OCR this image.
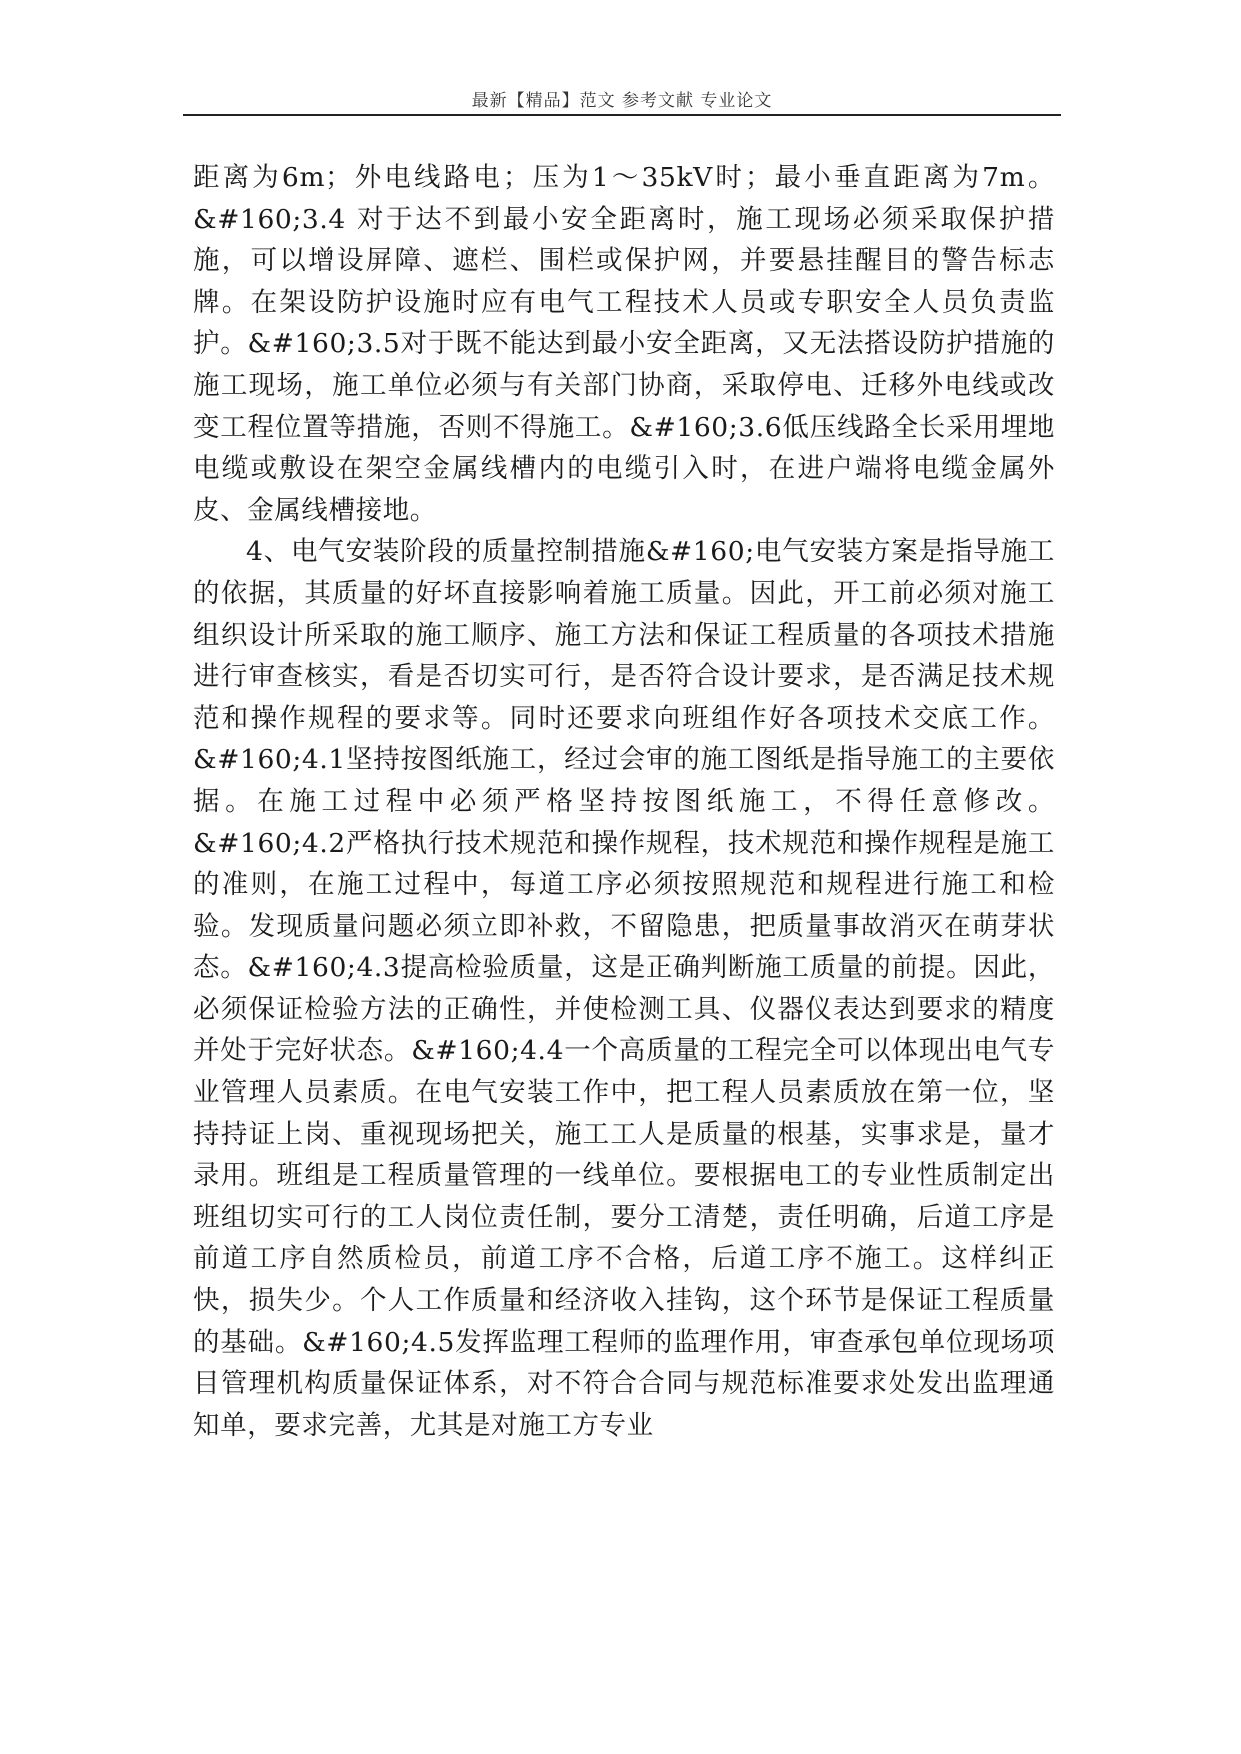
最新【精品】范文 参考文献 专业论文

距离为6m；外电线路电；压为1～35kV时；最小垂直距离为7m。&#160;3.4 对于达不到最小安全距离时，施工现场必须采取保护措施，可以增设屏障、遮栏、围栏或保护网，并要悬挂醒目的警告标志牌。在架设防护设施时应有电气工程技术人员或专职安全人员负责监护。&#160;3.5对于既不能达到最小安全距离，又无法搭设防护措施的施工现场，施工单位必须与有关部门协商，采取停电、迁移外电线或改变工程位置等措施，否则不得施工。&#160;3.6低压线路全长采用埋地电缆或敷设在架空金属线槽内的电缆引入时，在进户端将电缆金属外皮、金属线槽接地。

4、电气安装阶段的质量控制措施&#160;电气安装方案是指导施工的依据，其质量的好坏直接影响着施工质量。因此，开工前必须对施工组织设计所采取的施工顺序、施工方法和保证工程质量的各项技术措施进行审查核实，看是否切实可行，是否符合设计要求，是否满足技术规范和操作规程的要求等。同时还要求向班组作好各项技术交底工作。&#160;4.1坚持按图纸施工，经过会审的施工图纸是指导施工的主要依据。在施工过程中必须严格坚持按图纸施工，不得任意修改。&#160;4.2严格执行技术规范和操作规程，技术规范和操作规程是施工的准则，在施工过程中，每道工序必须按照规范和规程进行施工和检验。发现质量问题必须立即补救，不留隐患，把质量事故消灭在萌芽状态。&#160;4.3提高检验质量，这是正确判断施工质量的前提。因此，必须保证检验方法的正确性，并使检测工具、仪器仪表达到要求的精度并处于完好状态。&#160;4.4一个高质量的工程完全可以体现出电气专业管理人员素质。在电气安装工作中，把工程人员素质放在第一位，坚持持证上岗、重视现场把关，施工工人是质量的根基，实事求是，量才录用。班组是工程质量管理的一线单位。要根据电工的专业性质制定出班组切实可行的工人岗位责任制，要分工清楚，责任明确，后道工序是前道工序自然质检员，前道工序不合格，后道工序不施工。这样纠正快，损失少。个人工作质量和经济收入挂钩，这个环节是保证工程质量的基础。&#160;4.5发挥监理工程师的监理作用，审查承包单位现场项目管理机构质量保证体系，对不符合合同与规范标准要求处发出监理通知单，要求完善，尤其是对施工方专业
